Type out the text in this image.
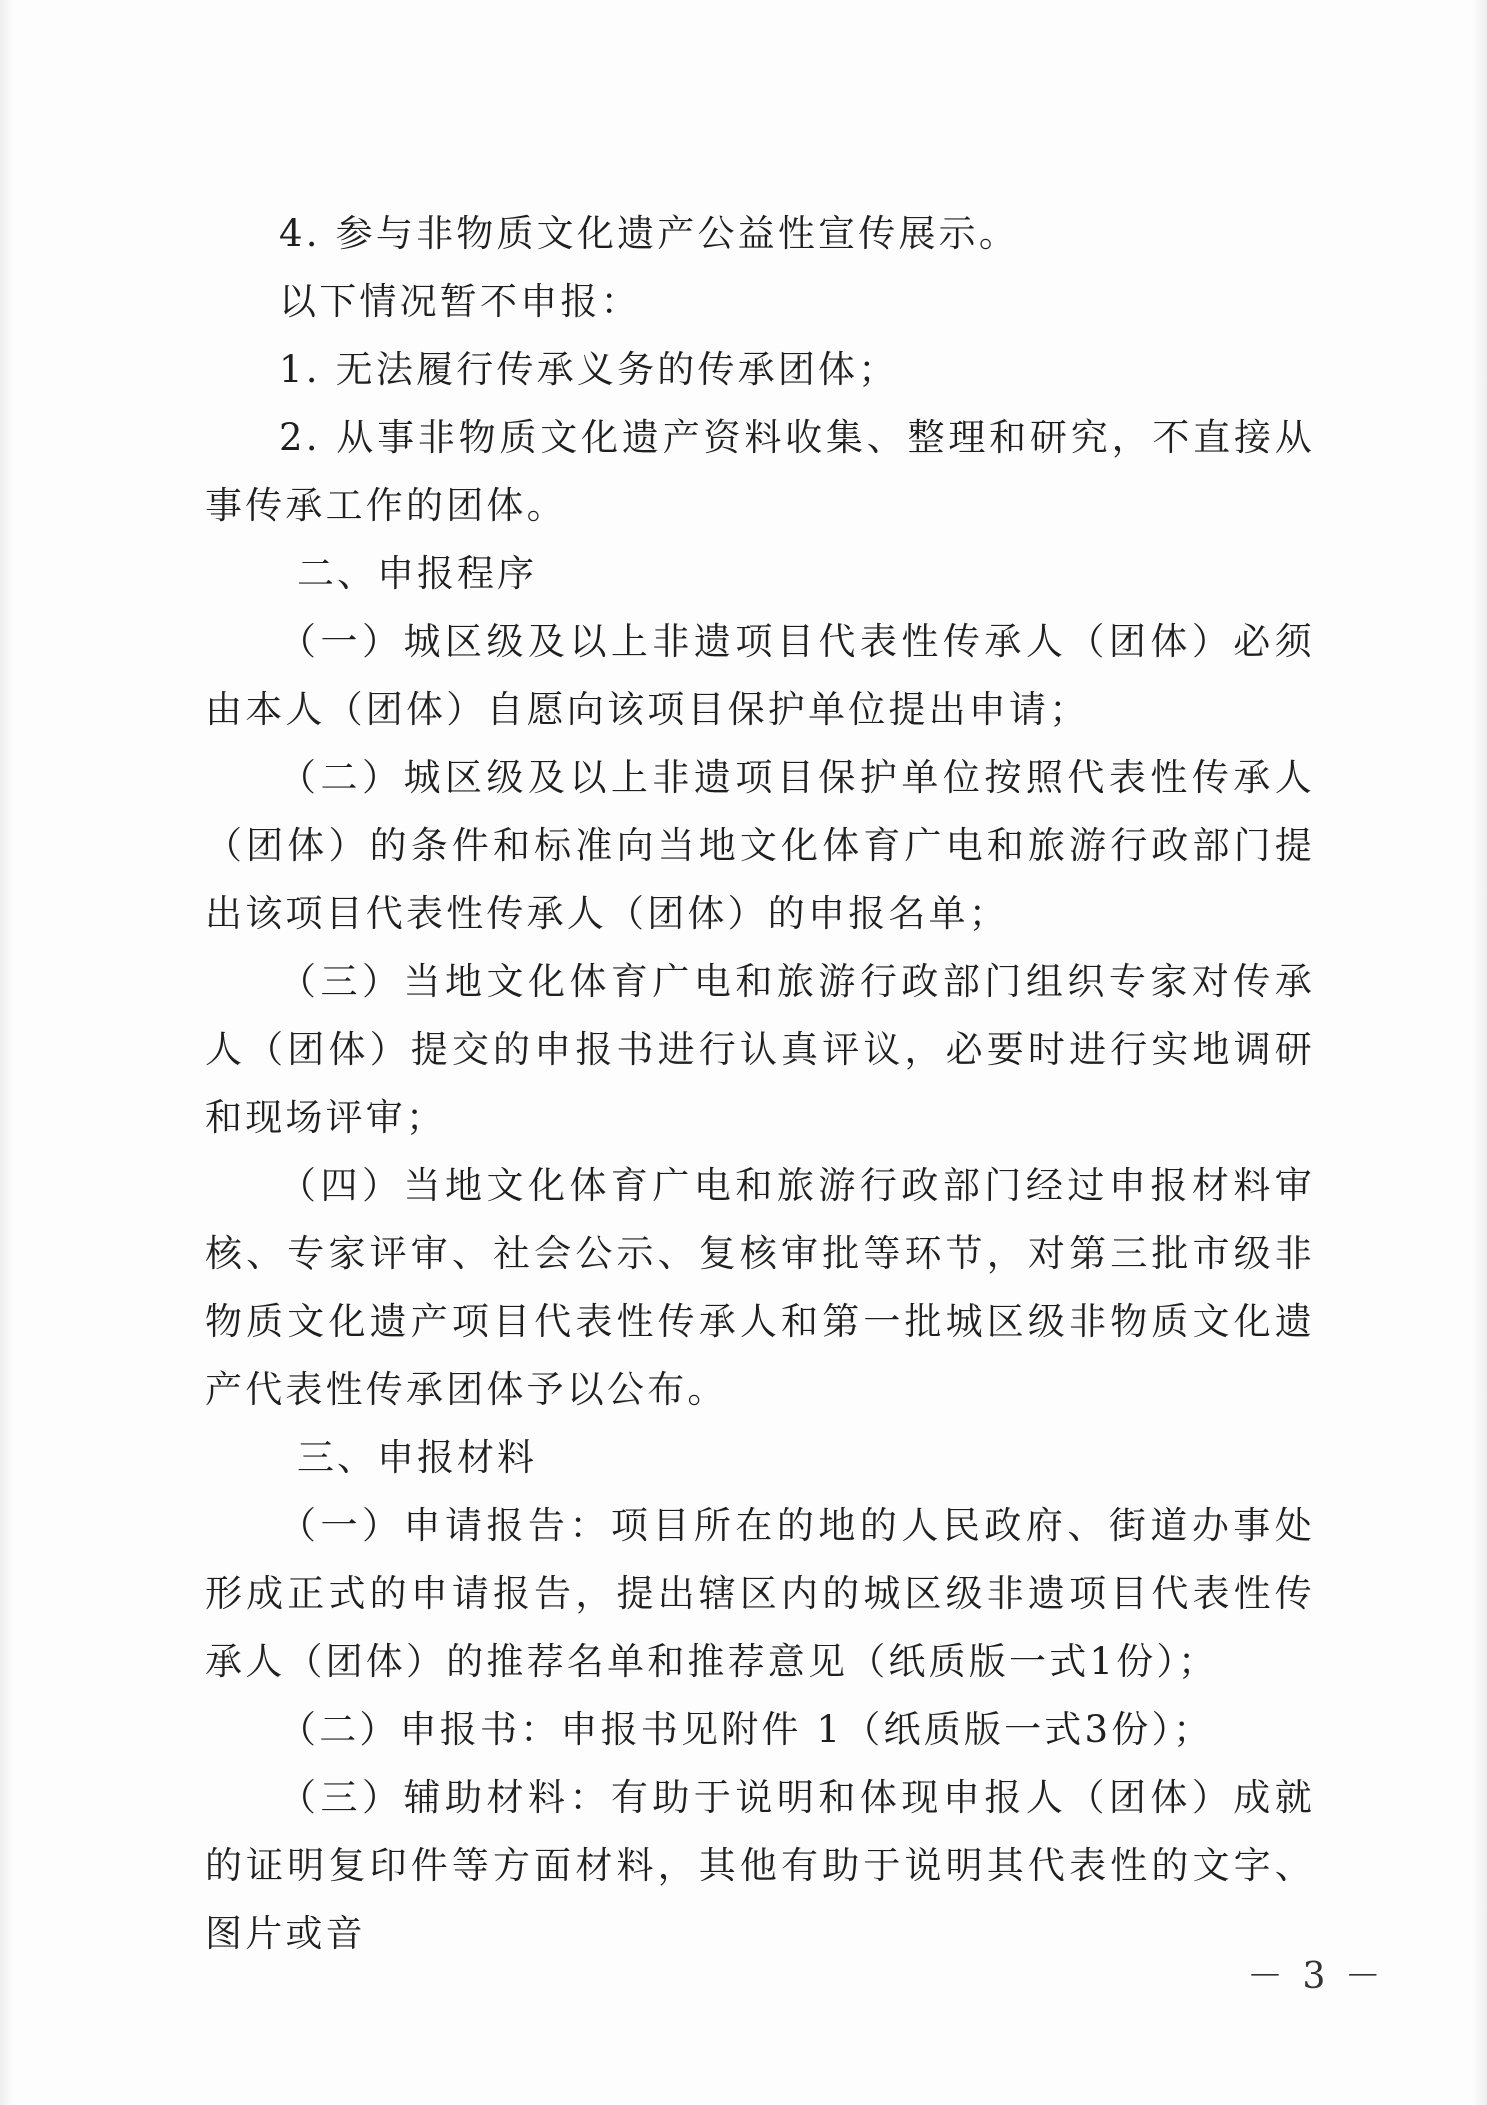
4. 参与非物质文化遗产公益性宣传展示。

以下情况暂不申报：

1. 无法履行传承义务的传承团体；

2. 从事非物质文化遗产资料收集、整理和研究，不直接从事传承工作的团体。

二、申报程序

（一）城区级及以上非遗项目代表性传承人（团体）必须由本人（团体）自愿向该项目保护单位提出申请；

（二）城区级及以上非遗项目保护单位按照代表性传承人（团体）的条件和标准向当地文化体育广电和旅游行政部门提出该项目代表性传承人（团体）的申报名单；

（三）当地文化体育广电和旅游行政部门组织专家对传承人（团体）提交的申报书进行认真评议，必要时进行实地调研和现场评审；

（四）当地文化体育广电和旅游行政部门经过申报材料审核、专家评审、社会公示、复核审批等环节，对第三批市级非物质文化遗产项目代表性传承人和第一批城区级非物质文化遗产代表性传承团体予以公布。

三、申报材料

（一）申请报告：项目所在的地的人民政府、街道办事处形成正式的申请报告，提出辖区内的城区级非遗项目代表性传承人（团体）的推荐名单和推荐意见（纸质版一式1份）；

（二）申报书：申报书见附件 1（纸质版一式3份）；

（三）辅助材料：有助于说明和体现申报人（团体）成就的证明复印件等方面材料，其他有助于说明其代表性的文字、图片或音

－ 3 －
